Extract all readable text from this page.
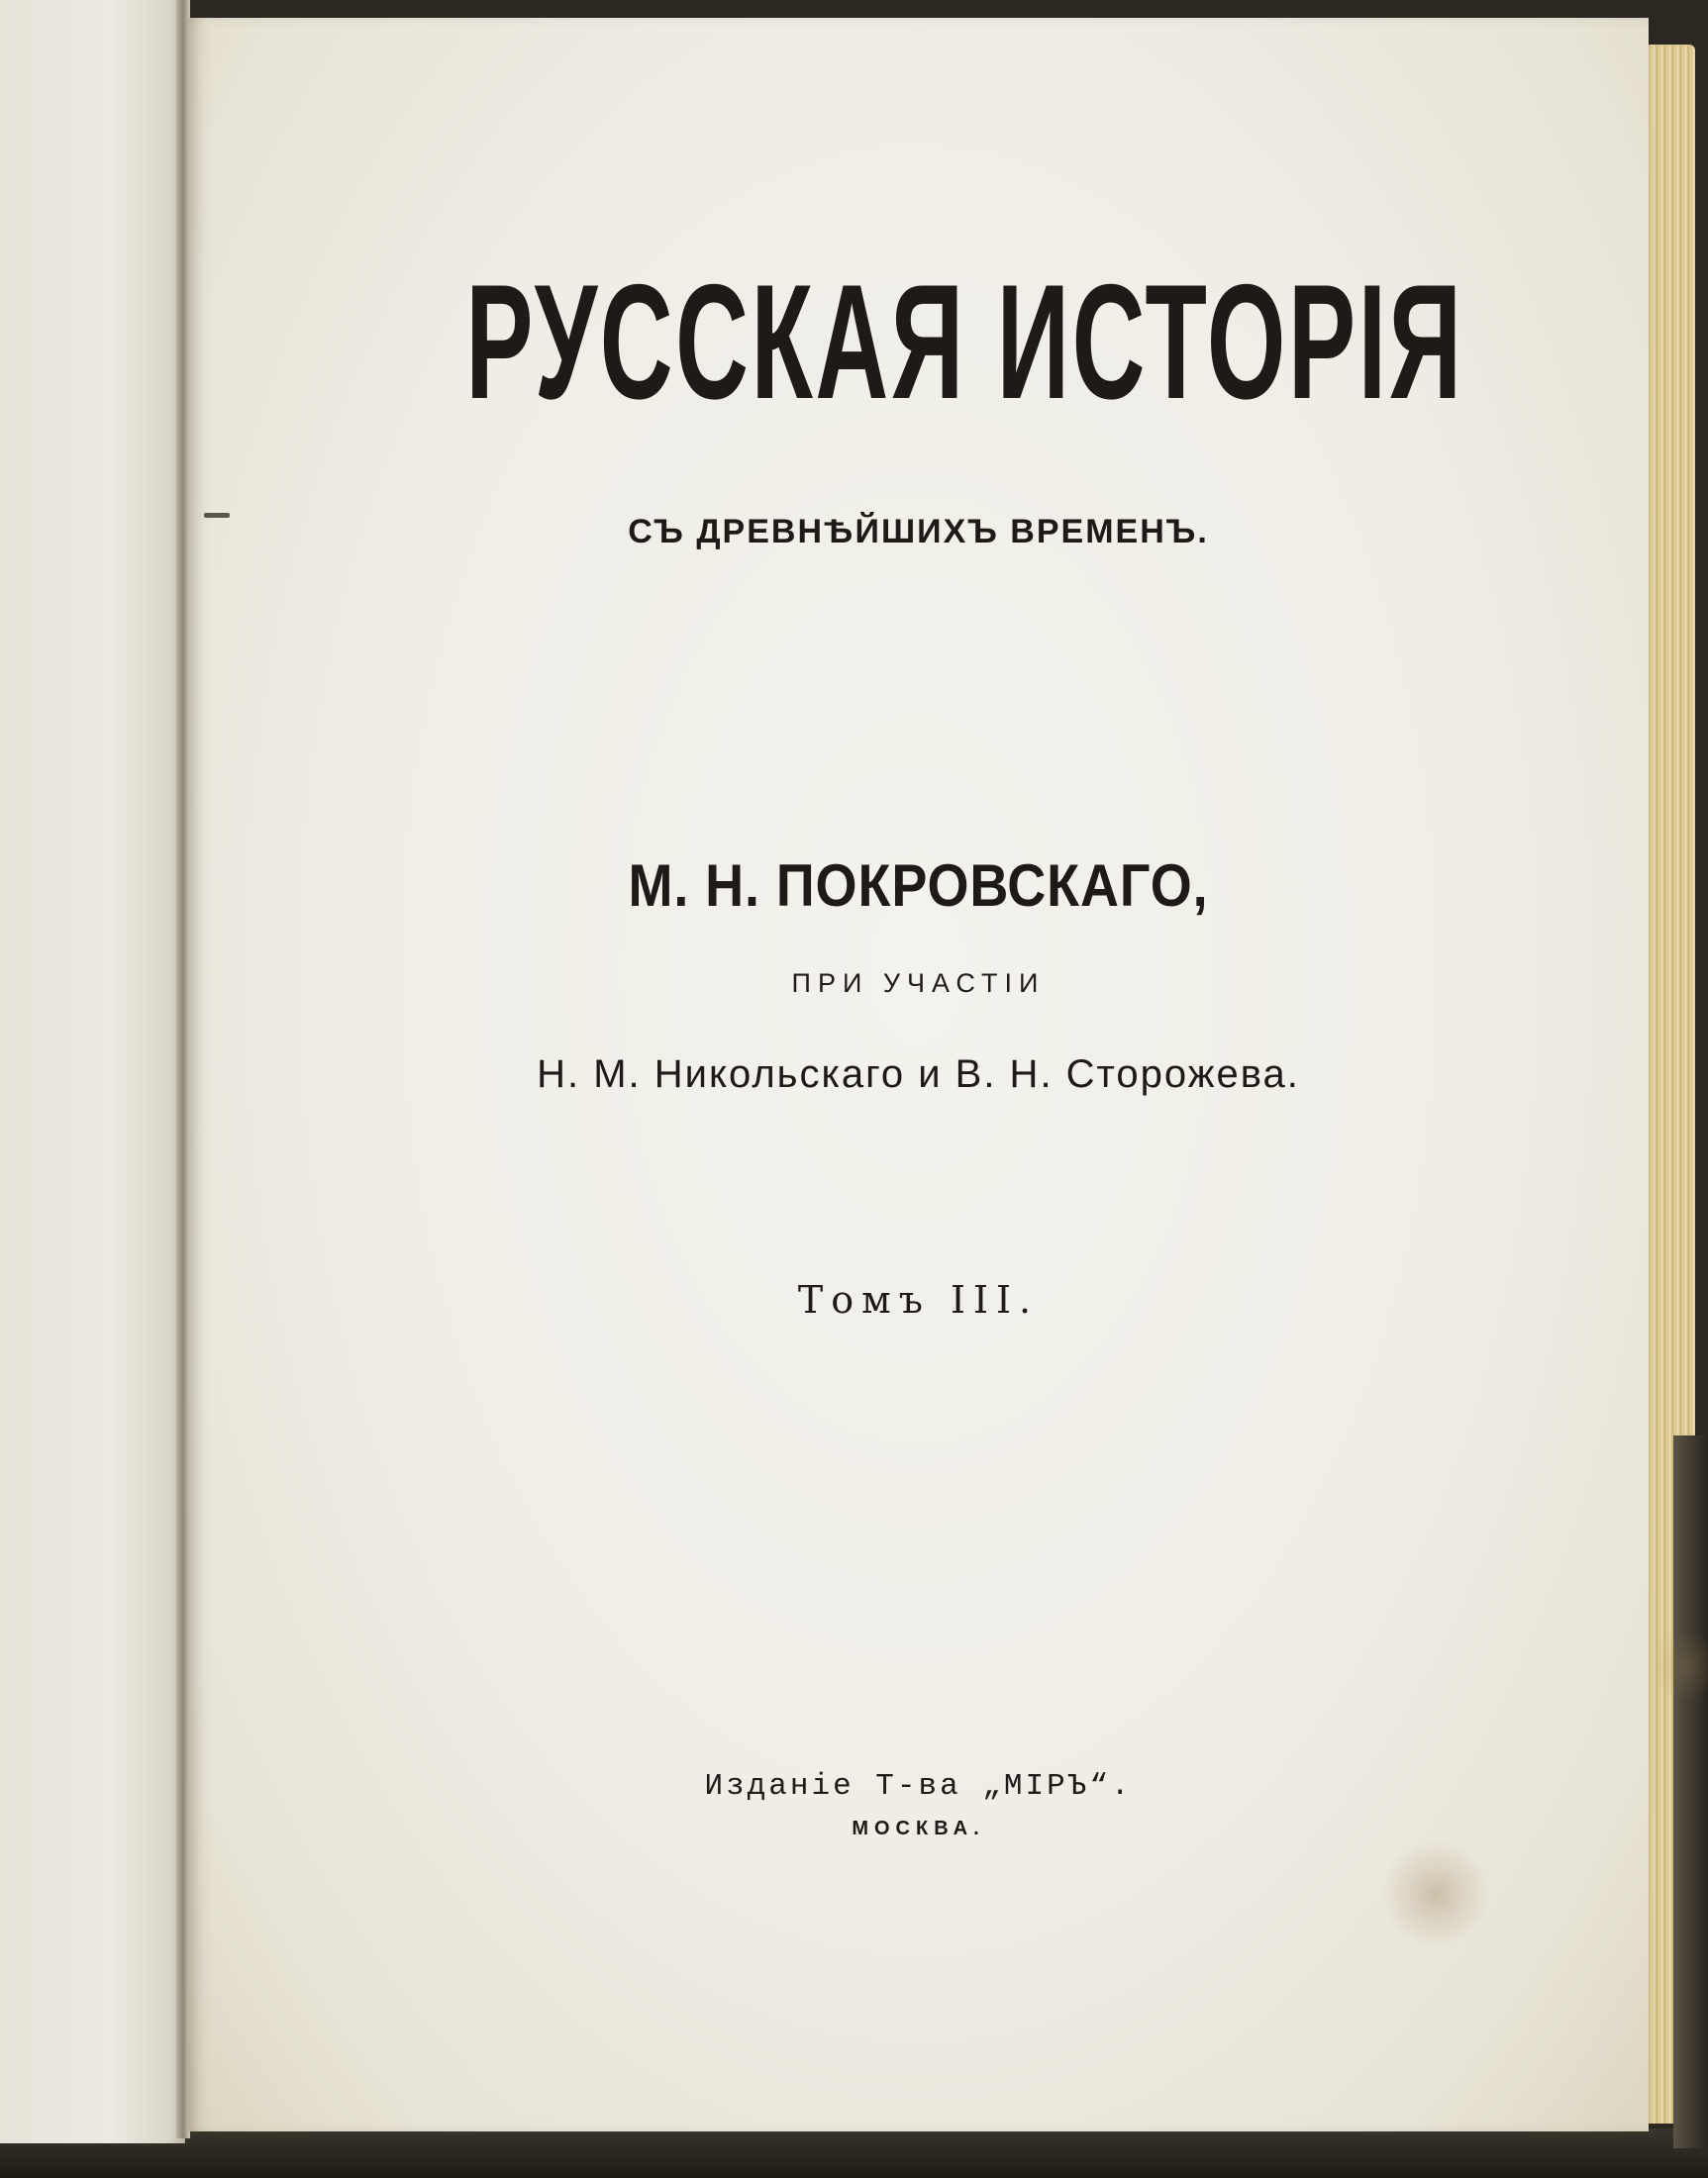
РУССКАЯ ИСТОРІЯ

СЪ ДРЕВНѢЙШИХЪ ВРЕМЕНЪ.

М. Н. ПОКРОВСКАГО,

ПРИ УЧАСТІИ

Н. М. Никольскаго и В. Н. Сторожева.

Томъ III.

Изданіе Т-ва „МІРЪ“.

МОСКВА.
